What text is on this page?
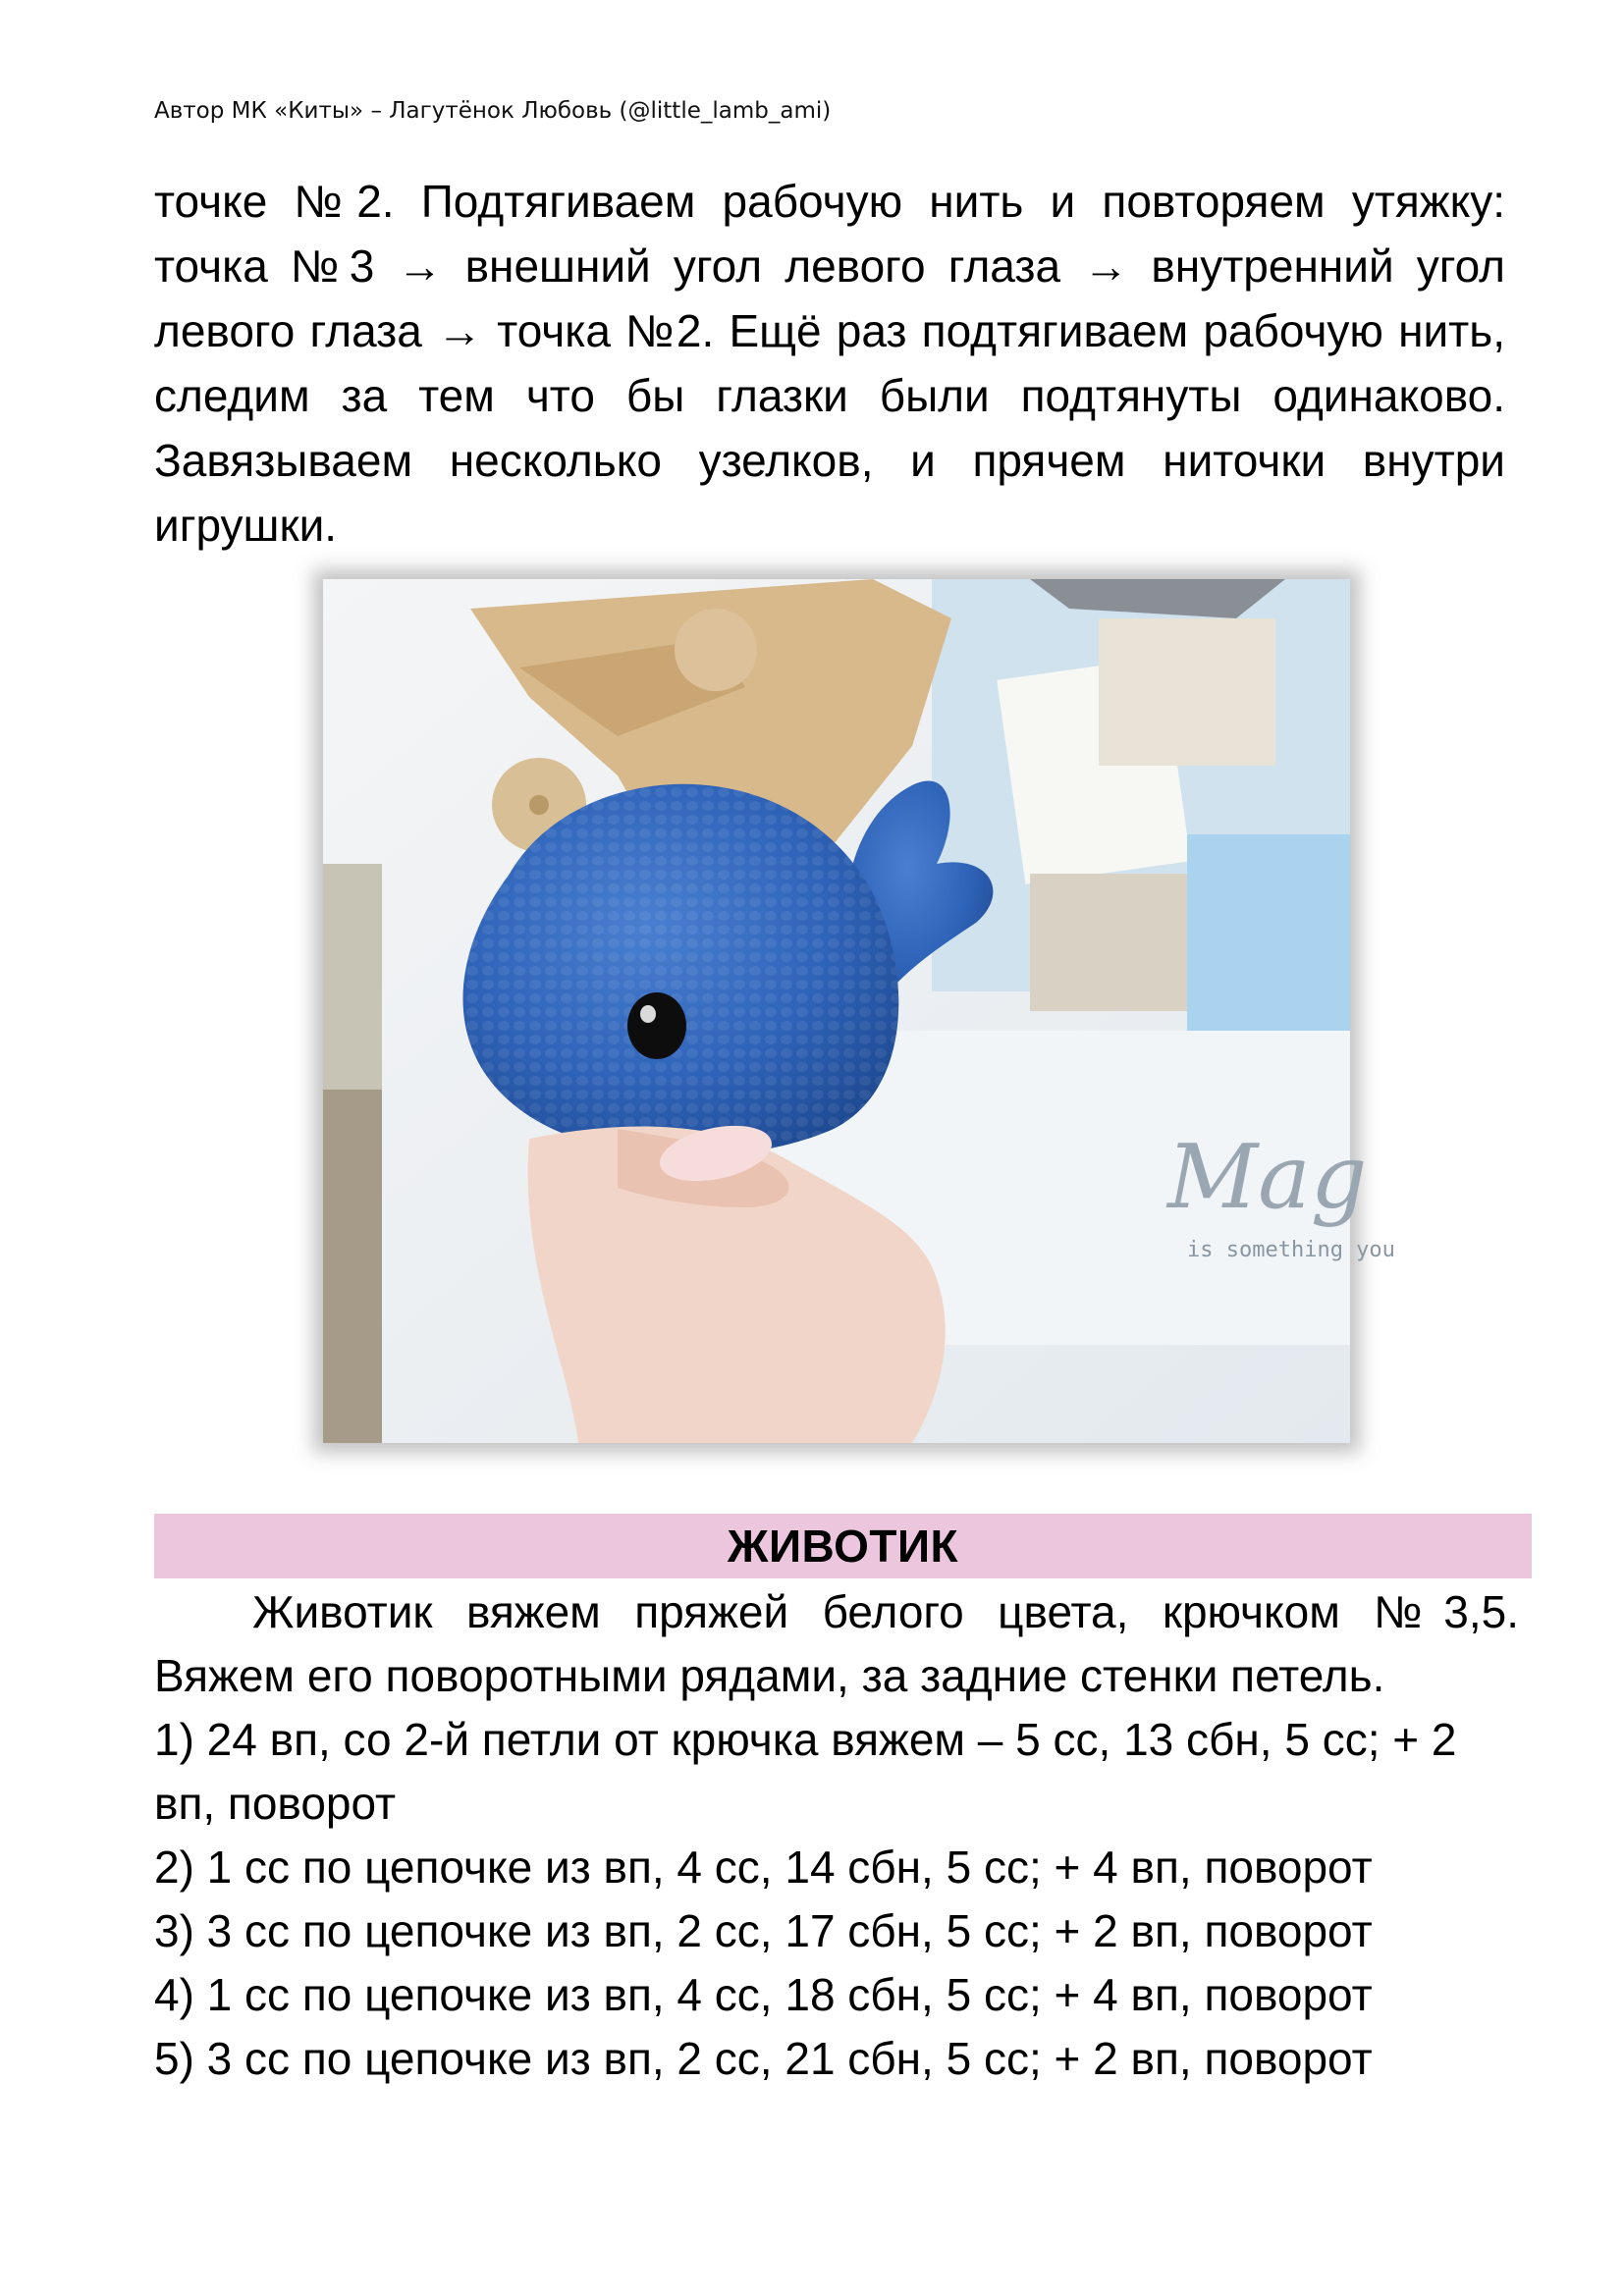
Автор МК «Киты» – Лагутёнок Любовь (@little_lamb_ami)

точке №2. Подтягиваем рабочую нить и повторяем утяжку: точка №3 → внешний угол левого глаза → внутренний угол левого глаза → точка №2. Ещё раз подтягиваем рабочую нить, следим за тем что бы глазки были подтянуты одинаково. Завязываем несколько узелков, и прячем ниточки внутри игрушки.

Mag
is something you
ЖИВОТИК

Животик вяжем пряжей белого цвета, крючком №3,5. Вяжем его поворотными рядами, за задние стенки петель.

1) 24 вп, со 2-й петли от крючка вяжем – 5 сс, 13 сбн, 5 сс; + 2 вп, поворот
2) 1 сс по цепочке из вп, 4 сс, 14 сбн, 5 сс; + 4 вп, поворот
3) 3 сс по цепочке из вп, 2 сс, 17 сбн, 5 сс; + 2 вп, поворот
4) 1 сс по цепочке из вп, 4 сс, 18 сбн, 5 сс; + 4 вп, поворот
5) 3 сс по цепочке из вп, 2 сс, 21 сбн, 5 сс; + 2 вп, поворот
